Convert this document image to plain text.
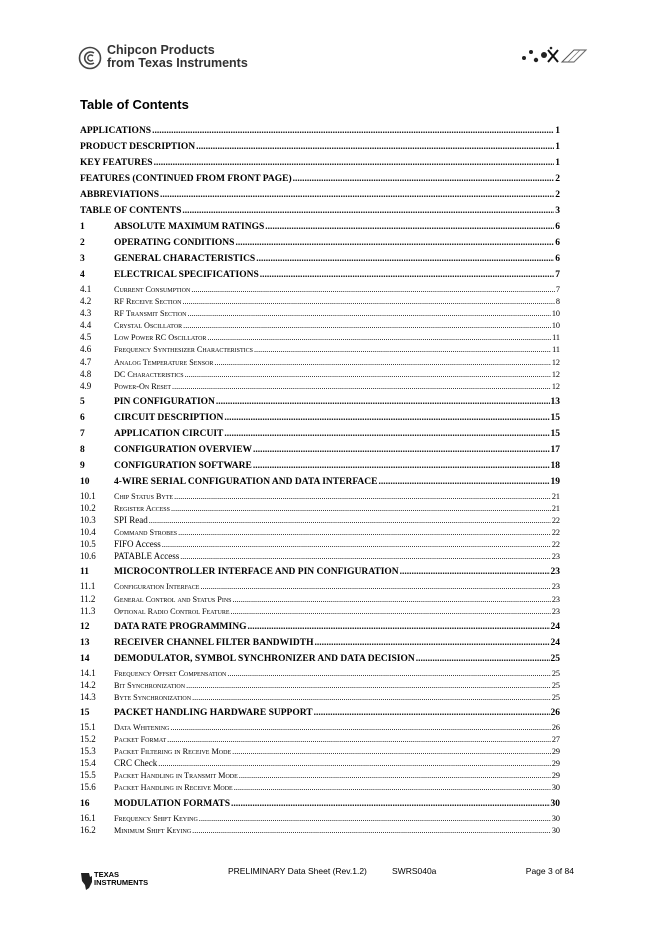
Chipcon Products
from Texas Instruments
Table of Contents
APPLICATIONS .....	1
PRODUCT DESCRIPTION .....	1
KEY FEATURES .....	1
FEATURES (CONTINUED FROM FRONT PAGE) .....	2
ABBREVIATIONS .....	2
TABLE OF CONTENTS .....	3
1	ABSOLUTE MAXIMUM RATINGS .....	6
2	OPERATING CONDITIONS .....	6
3	GENERAL CHARACTERISTICS .....	6
4	ELECTRICAL SPECIFICATIONS .....	7
4.1	Current Consumption .....	7
4.2	RF Receive Section .....	8
4.3	RF Transmit Section .....	10
4.4	Crystal Oscillator .....	10
4.5	Low Power RC Oscillator .....	11
4.6	Frequency Synthesizer Characteristics .....	11
4.7	Analog Temperature Sensor .....	12
4.8	DC Characteristics .....	12
4.9	Power-On Reset .....	12
5	PIN CONFIGURATION .....	13
6	CIRCUIT DESCRIPTION .....	15
7	APPLICATION CIRCUIT .....	15
8	CONFIGURATION OVERVIEW .....	17
9	CONFIGURATION SOFTWARE .....	18
10	4-WIRE SERIAL CONFIGURATION AND DATA INTERFACE .....	19
10.1	Chip Status Byte .....	21
10.2	Register Access .....	21
10.3	SPI Read .....	22
10.4	Command Strobes .....	22
10.5	FIFO Access .....	22
10.6	PATABLE Access .....	23
11	MICROCONTROLLER INTERFACE AND PIN CONFIGURATION .....	23
11.1	Configuration Interface .....	23
11.2	General Control and Status Pins .....	23
11.3	Optional Radio Control Feature .....	23
12	DATA RATE PROGRAMMING .....	24
13	RECEIVER CHANNEL FILTER BANDWIDTH .....	24
14	DEMODULATOR, SYMBOL SYNCHRONIZER AND DATA DECISION .....	25
14.1	Frequency Offset Compensation .....	25
14.2	Bit Synchronization .....	25
14.3	Byte Synchronization .....	25
15	PACKET HANDLING HARDWARE SUPPORT .....	26
15.1	Data Whitening .....	26
15.2	Packet Format .....	27
15.3	Packet Filtering in Receive Mode .....	29
15.4	CRC Check .....	29
15.5	Packet Handling in Transmit Mode .....	29
15.6	Packet Handling in Receive Mode .....	30
16	MODULATION FORMATS .....	30
16.1	Frequency Shift Keying .....	30
16.2	Minimum Shift Keying .....	30
TEXAS
INSTRUMENTS
PRELIMINARY Data Sheet (Rev.1.2)	SWRS040a	Page 3 of 84
